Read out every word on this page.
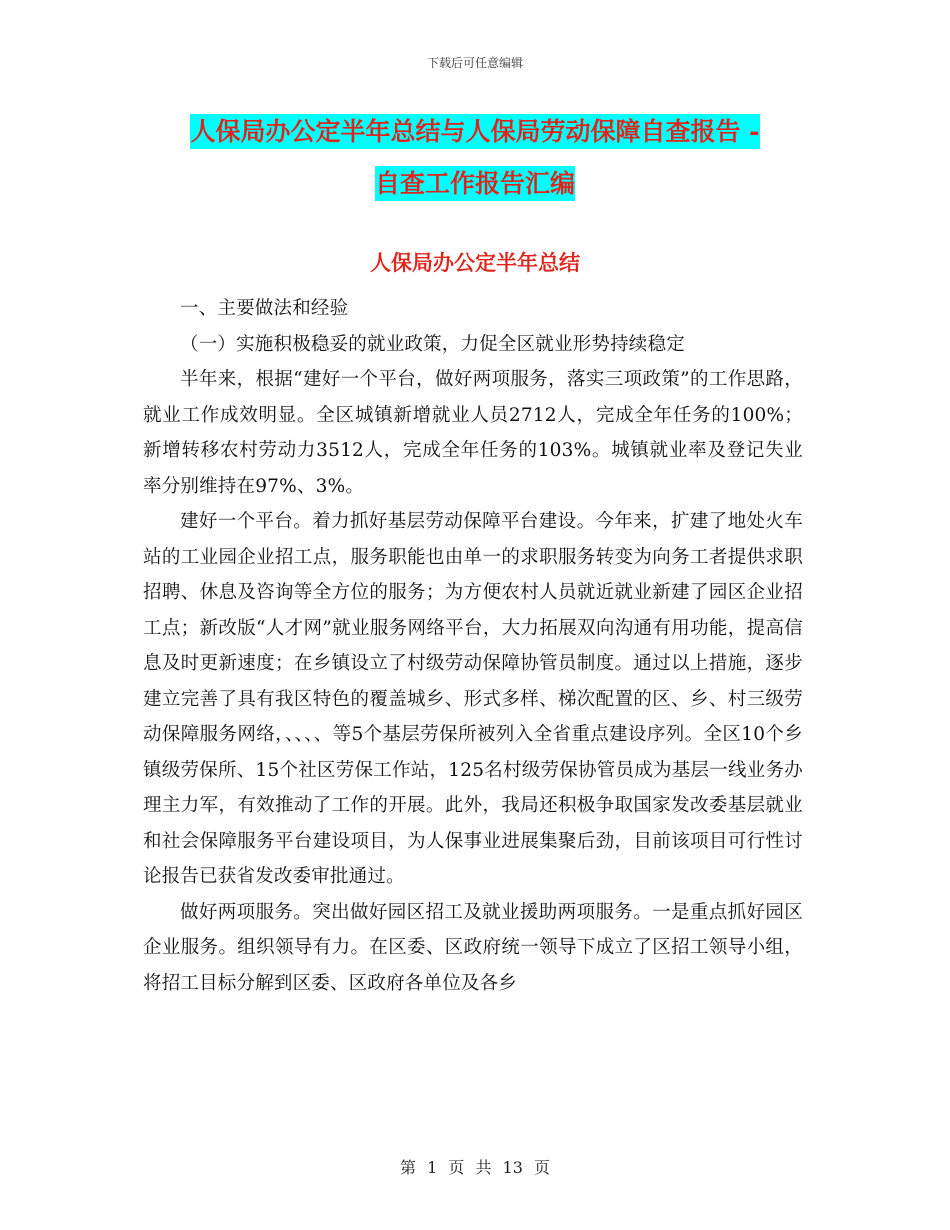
下载后可任意编辑
人保局办公定半年总结与人保局劳动保障自查报告 -
自查工作报告汇编
人保局办公定半年总结

一、主要做法和经验

（一）实施积极稳妥的就业政策，力促全区就业形势持续稳定

半年来，根据“建好一个平台，做好两项服务，落实三项政策”的工作思路，就业工作成效明显。全区城镇新增就业人员2712人，完成全年任务的100%；新增转移农村劳动力3512人，完成全年任务的103%。城镇就业率及登记失业率分别维持在97%、3%。

建好一个平台。着力抓好基层劳动保障平台建设。今年来，扩建了地处火车站的工业园企业招工点，服务职能也由单一的求职服务转变为向务工者提供求职招聘、休息及咨询等全方位的服务；为方便农村人员就近就业新建了园区企业招工点；新改版“人才网”就业服务网络平台，大力拓展双向沟通有用功能，提高信息及时更新速度；在乡镇设立了村级劳动保障协管员制度。通过以上措施，逐步建立完善了具有我区特色的覆盖城乡、形式多样、梯次配置的区、乡、村三级劳动保障服务网络，、、、、等5个基层劳保所被列入全省重点建设序列。全区10个乡镇级劳保所、15个社区劳保工作站，125名村级劳保协管员成为基层一线业务办理主力军，有效推动了工作的开展。此外，我局还积极争取国家发改委基层就业和社会保障服务平台建设项目，为人保事业进展集聚后劲，目前该项目可行性讨论报告已获省发改委审批通过。

做好两项服务。突出做好园区招工及就业援助两项服务。一是重点抓好园区企业服务。组织领导有力。在区委、区政府统一领导下成立了区招工领导小组，将招工目标分解到区委、区政府各单位及各乡

第 1 页 共 13 页
